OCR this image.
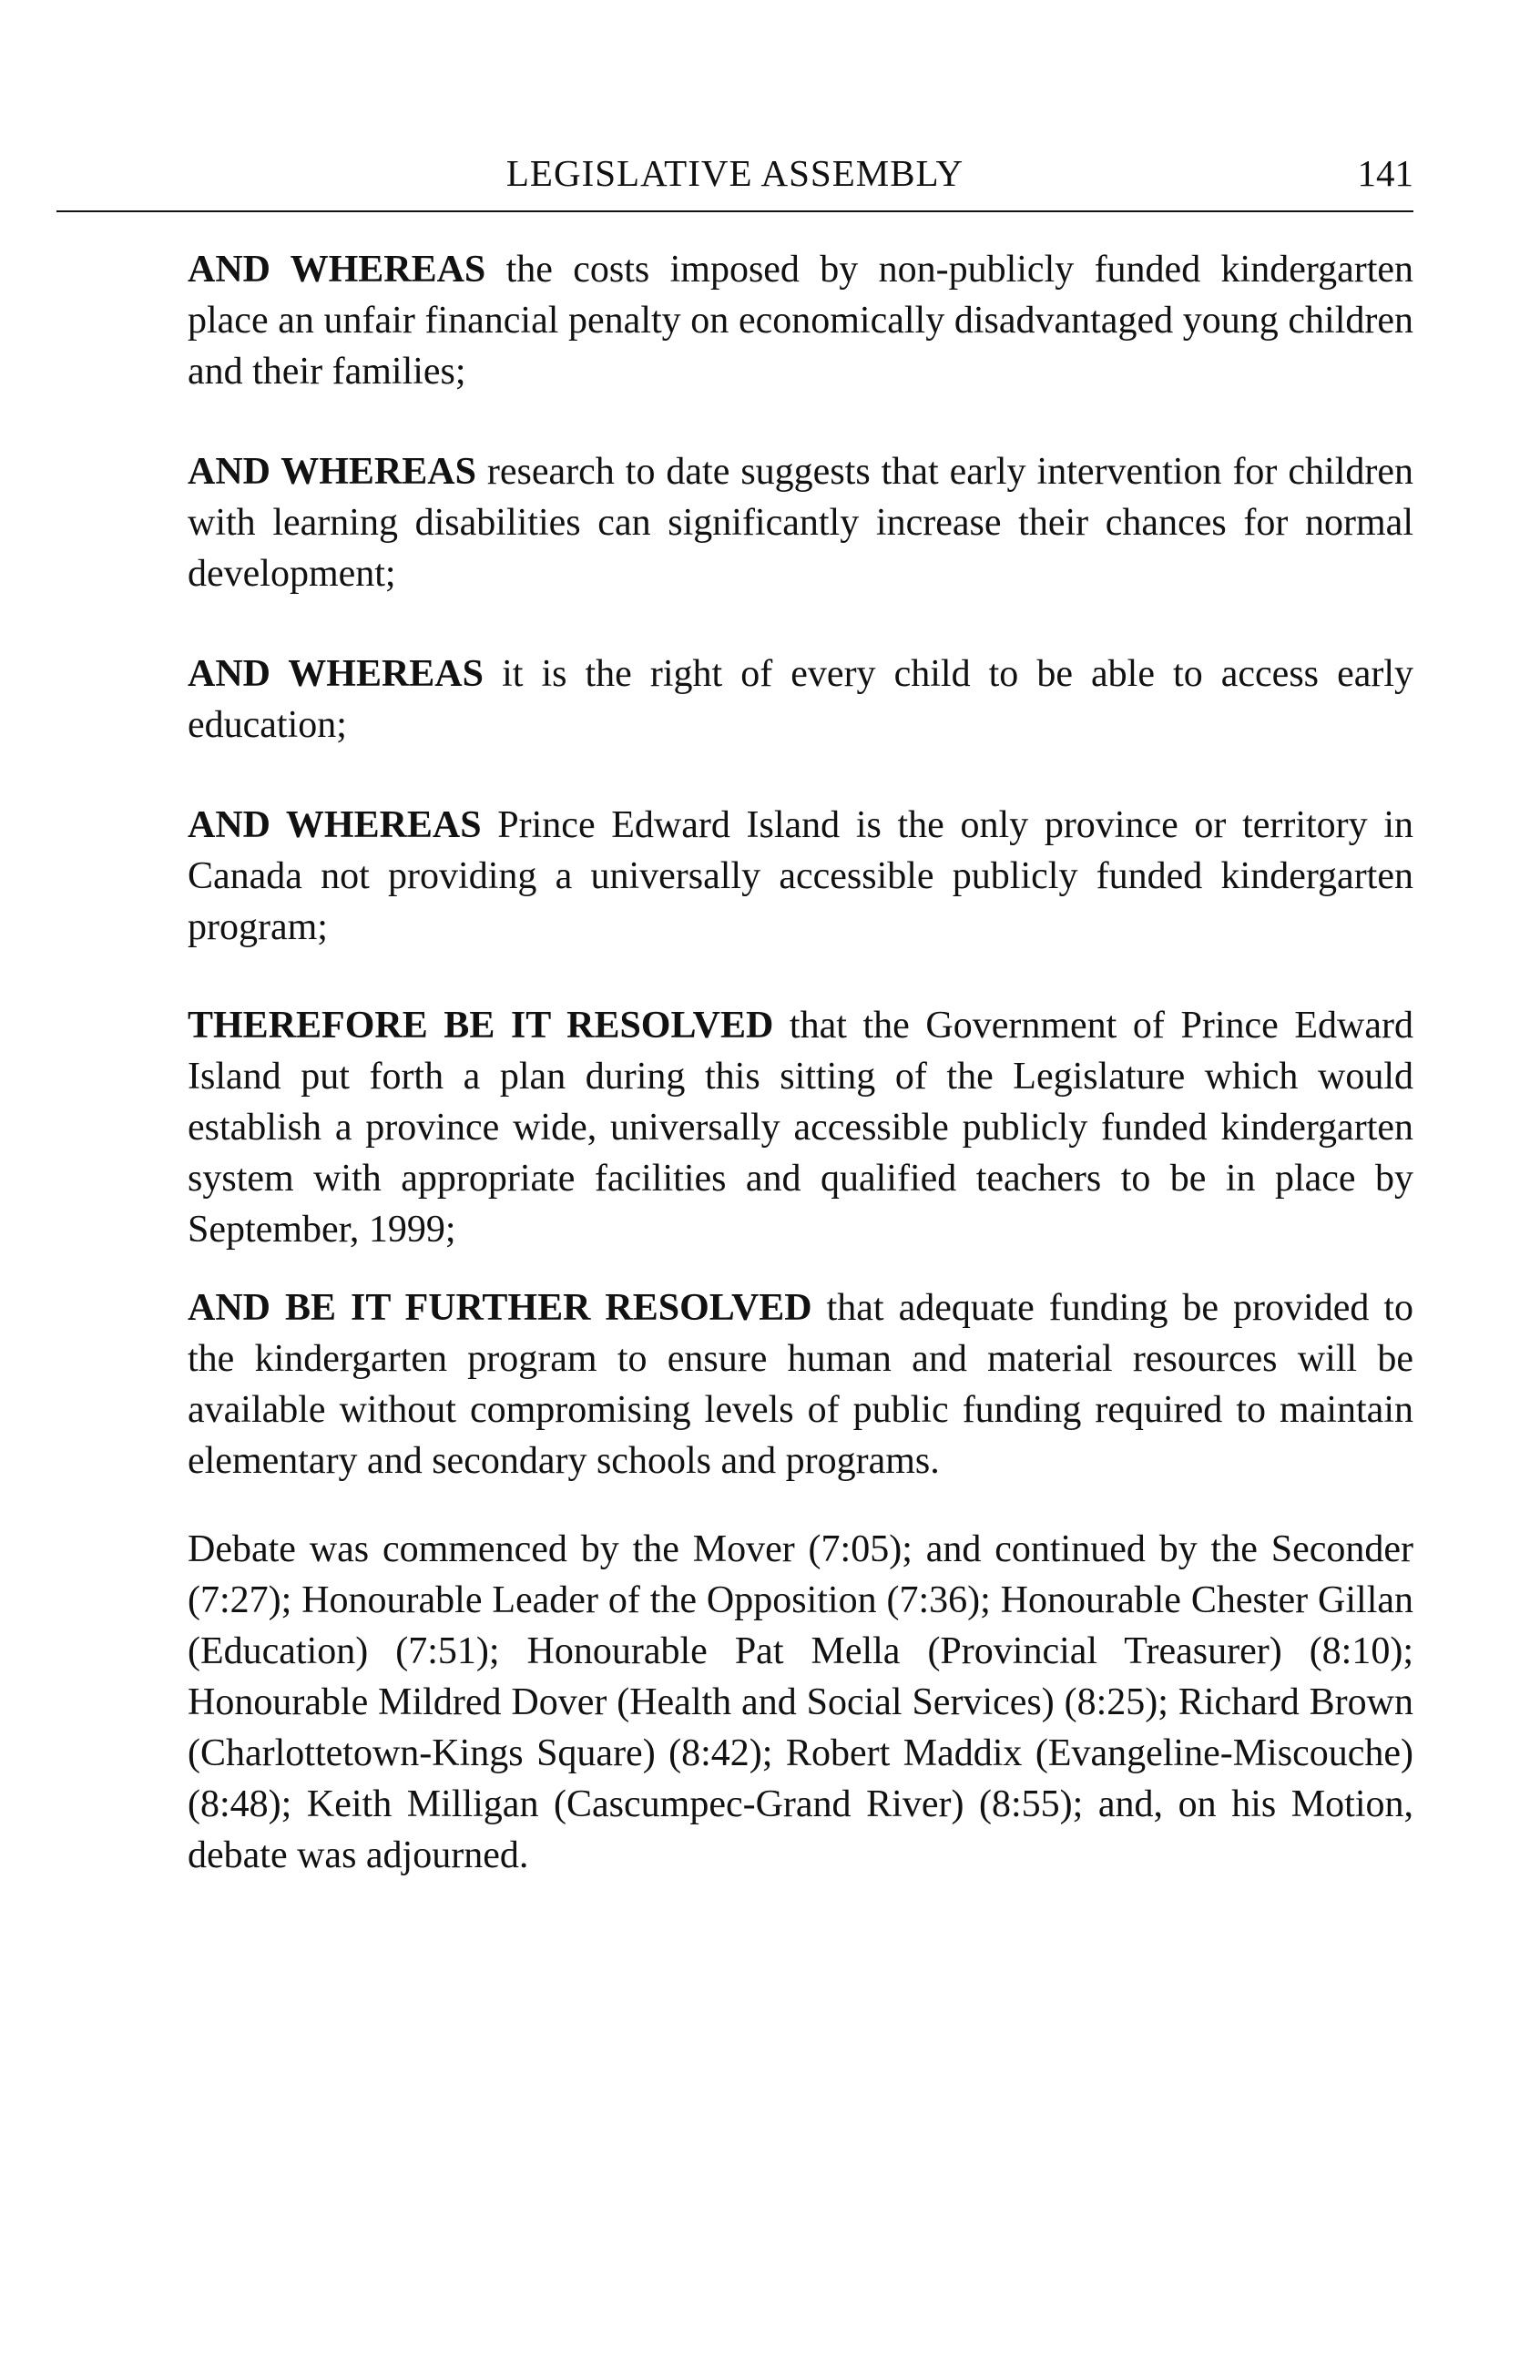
LEGISLATIVE ASSEMBLY	141

AND WHEREAS the costs imposed by non-publicly funded kindergarten place an unfair financial penalty on economically disadvantaged young children and their families;

AND WHEREAS research to date suggests that early intervention for children with learning disabilities can significantly increase their chances for normal development;

AND WHEREAS it is the right of every child to be able to access early education;

AND WHEREAS Prince Edward Island is the only province or territory in Canada not providing a universally accessible publicly funded kindergarten program;

THEREFORE BE IT RESOLVED that the Government of Prince Edward Island put forth a plan during this sitting of the Legislature which would establish a province wide, universally accessible publicly funded kindergarten system with appropriate facilities and qualified teachers to be in place by September, 1999;

AND BE IT FURTHER RESOLVED that adequate funding be provided to the kindergarten program to ensure human and material resources will be available without compromising levels of public funding required to maintain elementary and secondary schools and programs.

Debate was commenced by the Mover (7:05); and continued by the Seconder (7:27); Honourable Leader of the Opposition (7:36); Honourable Chester Gillan (Education) (7:51); Honourable Pat Mella (Provincial Treasurer) (8:10); Honourable Mildred Dover (Health and Social Services) (8:25); Richard Brown (Charlottetown-Kings Square) (8:42); Robert Maddix (Evangeline-Miscouche) (8:48); Keith Milligan (Cascumpec-Grand River) (8:55); and, on his Motion, debate was adjourned.
